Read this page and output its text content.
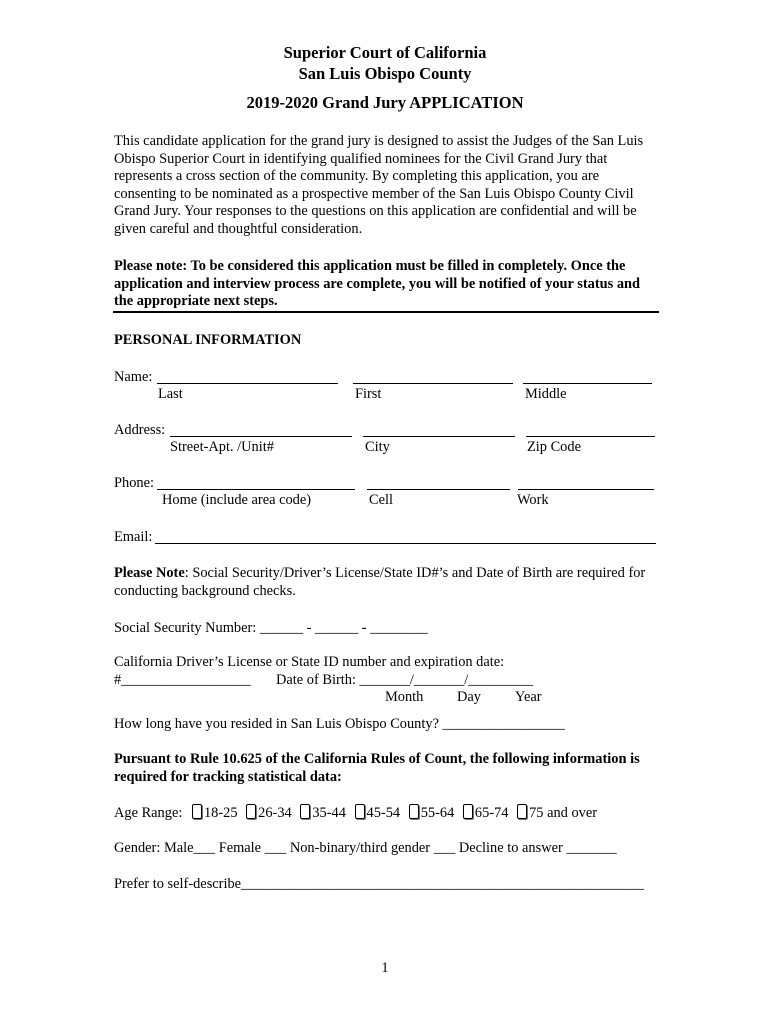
Superior Court of California
San Luis Obispo County
2019-2020 Grand Jury APPLICATION
This candidate application for the grand jury is designed to assist the Judges of the San Luis Obispo Superior Court in identifying qualified nominees for the Civil Grand Jury that represents a cross section of the community. By completing this application, you are consenting to be nominated as a prospective member of the San Luis Obispo County Civil Grand Jury. Your responses to the questions on this application are confidential and will be given careful and thoughtful consideration.
Please note: To be considered this application must be filled in completely. Once the application and interview process are complete, you will be notified of your status and the appropriate next steps.
PERSONAL INFORMATION
Name:
Last	First	Middle
Address:
Street-Apt. /Unit#	City	Zip Code
Phone:
Home (include area code)	Cell	Work
Email:
Please Note: Social Security/Driver’s License/State ID#’s and Date of Birth are required for conducting background checks.
Social Security Number: ______ - ______ - ________
California Driver’s License or State ID number and expiration date:
#__________________ Date of Birth: _______/_______/_________
Month Day Year
How long have you resided in San Luis Obispo County? _________________
Pursuant to Rule 10.625 of the California Rules of Count, the following information is required for tracking statistical data:
Age Range: 18-25 26-34 35-44 45-54 55-64 65-74 75 and over
Gender: Male___ Female ___ Non-binary/third gender ___ Decline to answer _______
Prefer to self-describe________________________________________________________
1
